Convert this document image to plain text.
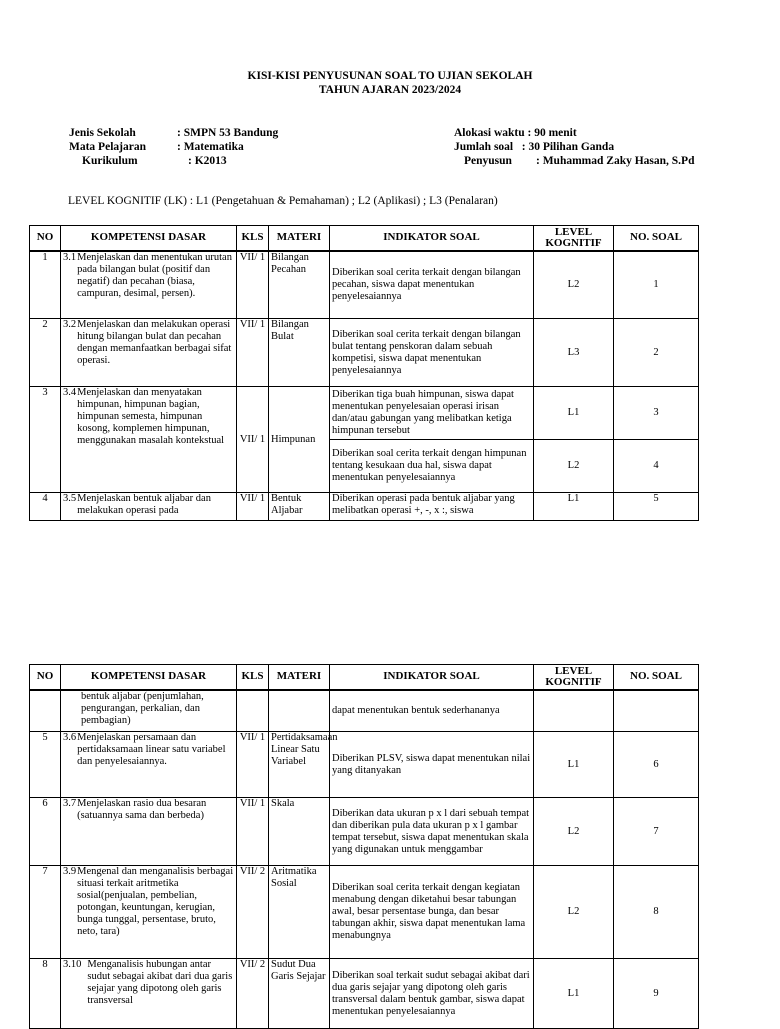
KISI-KISI PENYUSUNAN SOAL TO UJIAN SEKOLAH
TAHUN AJARAN 2023/2024
Jenis Sekolah	: SMPN 53 Bandung
Mata Pelajaran	: Matematika
Kurikulum	: K2013
Alokasi waktu : 90 menit
Jumlah soal   : 30 Pilihan Ganda
Penyusun : Muhammad Zaky Hasan, S.Pd
LEVEL KOGNITIF (LK) : L1 (Pengetahuan & Pemahaman) ; L2 (Aplikasi) ; L3 (Penalaran)
NO	KOMPETENSI DASAR	KLS	MATERI	INDIKATOR SOAL	LEVEL KOGNITIF	NO. SOAL
1	3.1 Menjelaskan dan menentukan urutan pada bilangan bulat (positif dan negatif) dan pecahan (biasa, campuran, desimal, persen).	VII/ 1	Bilangan Pecahan	Diberikan soal cerita terkait dengan bilangan pecahan, siswa dapat menentukan penyelesaiannya	L2	1
2	3.2 Menjelaskan dan melakukan operasi hitung bilangan bulat dan pecahan dengan memanfaatkan berbagai sifat operasi.	VII/ 1	Bilangan Bulat	Diberikan soal cerita terkait dengan bilangan bulat tentang penskoran dalam sebuah kompetisi, siswa dapat menentukan penyelesaiannya	L3	2
3	3.4 Menjelaskan dan menyatakan himpunan, himpunan bagian, himpunan semesta, himpunan kosong, komplemen himpunan, menggunakan masalah kontekstual	VII/ 1	Himpunan	Diberikan tiga buah himpunan, siswa dapat menentukan penyelesaian operasi irisan dan/atau gabungan yang melibatkan ketiga himpunan tersebut	L1	3
				Diberikan soal cerita terkait dengan himpunan tentang kesukaan dua hal, siswa dapat menentukan penyelesaiannya	L2	4
4	3.5 Menjelaskan bentuk aljabar dan melakukan operasi pada	VII/ 1	Bentuk Aljabar	Diberikan operasi pada bentuk aljabar yang melibatkan operasi +, -, x :, siswa	L1	5
NO	KOMPETENSI DASAR	KLS	MATERI	INDIKATOR SOAL	LEVEL KOGNITIF	NO. SOAL
	bentuk aljabar (penjumlahan, pengurangan, perkalian, dan pembagian)			dapat menentukan bentuk sederhananya		
5	3.6 Menjelaskan persamaan dan pertidaksamaan linear satu variabel dan penyelesaiannya.	VII/ 1	Pertidaksamaan Linear Satu Variabel	Diberikan PLSV, siswa dapat menentukan nilai yang ditanyakan	L1	6
6	3.7 Menjelaskan rasio dua besaran (satuannya sama dan berbeda)	VII/ 1	Skala	Diberikan data ukuran p x l dari sebuah tempat dan diberikan pula data ukuran p x l gambar tempat tersebut, siswa dapat menentukan skala yang digunakan untuk menggambar	L2	7
7	3.9 Mengenal dan menganalisis berbagai situasi terkait aritmetika sosial(penjualan, pembelian, potongan, keuntungan, kerugian, bunga tunggal, persentase, bruto, neto, tara)	VII/ 2	Aritmatika Sosial	Diberikan soal cerita terkait dengan kegiatan menabung dengan diketahui besar tabungan awal, besar persentase bunga, dan besar tabungan akhir, siswa dapat menentukan lama menabungnya	L2	8
8	3.10 Menganalisis hubungan antar sudut sebagai akibat dari dua garis sejajar yang dipotong oleh garis transversal	VII/ 2	Sudut Dua Garis Sejajar	Diberikan soal terkait sudut sebagai akibat dari dua garis sejajar yang dipotong oleh garis transversal dalam bentuk gambar, siswa dapat menentukan penyelesaiannya	L1	9
